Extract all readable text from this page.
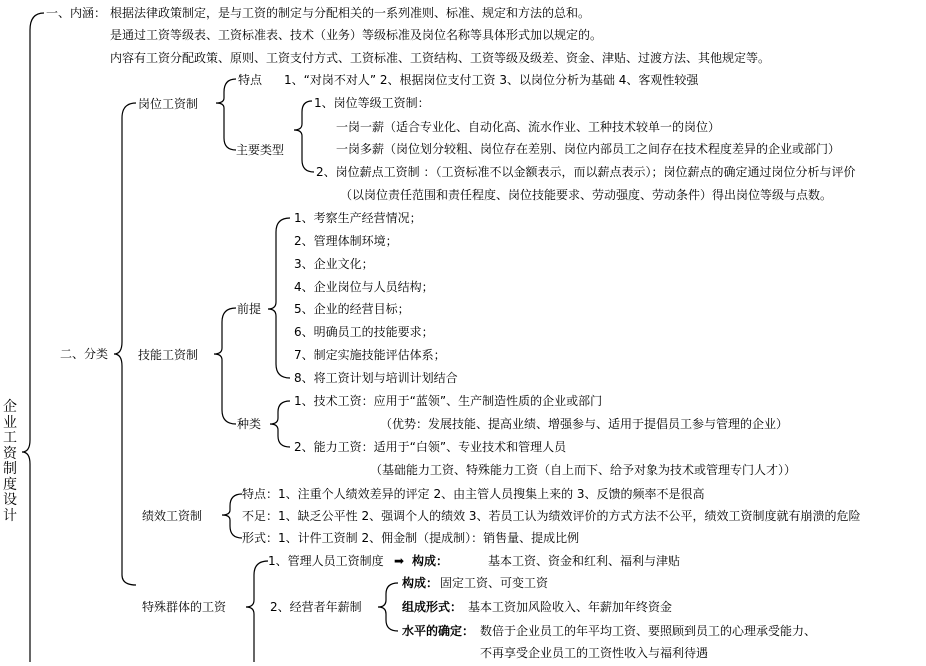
企业工资制度设计
一、内涵： 根据法律政策制定，是与工资的制定与分配相关的一系列准则、标准、规定和方法的总和。
是通过工资等级表、工资标准表、技术（业务）等级标准及岗位名称等具体形式加以规定的。
内容有工资分配政策、原则、工资支付方式、工资标准、工资结构、工资等级及级差、资金、津贴、过渡方法、其他规定等。
二、分类
岗位工资制
特点 1、“对岗不对人” 2、根据岗位支付工资 3、以岗位分析为基础 4、客观性较强
主要类型
1、岗位等级工资制：
一岗一薪（适合专业化、自动化高、流水作业、工种技术较单一的岗位）
一岗多薪（岗位划分较粗、岗位存在差别、岗位内部员工之间存在技术程度差异的企业或部门）
2、岗位薪点工资制 ：（工资标准不以金额表示，而以薪点表示）；岗位薪点的确定通过岗位分析与评价
（以岗位责任范围和责任程度、岗位技能要求、劳动强度、劳动条件）得出岗位等级与点数。
技能工资制
前提
1、考察生产经营情况；
2、管理体制环境；
3、企业文化；
4、企业岗位与人员结构；
5、企业的经营目标；
6、明确员工的技能要求；
7、制定实施技能评估体系；
8、将工资计划与培训计划结合
种类
1、技术工资：应用于“蓝领”、生产制造性质的企业或部门
（优势：发展技能、提高业绩、增强参与、适用于提倡员工参与管理的企业）
2、能力工资：适用于“白领”、专业技术和管理人员
（基础能力工资、特殊能力工资（自上而下、给予对象为技术或管理专门人才））
绩效工资制
特点：1、注重个人绩效差异的评定 2、由主管人员搜集上来的 3、反馈的频率不是很高
不足：1、缺乏公平性 2、强调个人的绩效 3、若员工认为绩效评价的方式方法不公平，绩效工资制度就有崩溃的危险
形式：1、计件工资制 2、佣金制（提成制）：销售量、提成比例
特殊群体的工资
1、管理人员工资制度 ➡ 构成：	基本工资、资金和红利、福利与津贴
2、经营者年薪制
构成： 固定工资、可变工资
组成形式： 基本工资加风险收入、年薪加年终资金
水平的确定： 数倍于企业员工的年平均工资、要照顾到员工的心理承受能力、
不再享受企业员工的工资性收入与福利待遇
